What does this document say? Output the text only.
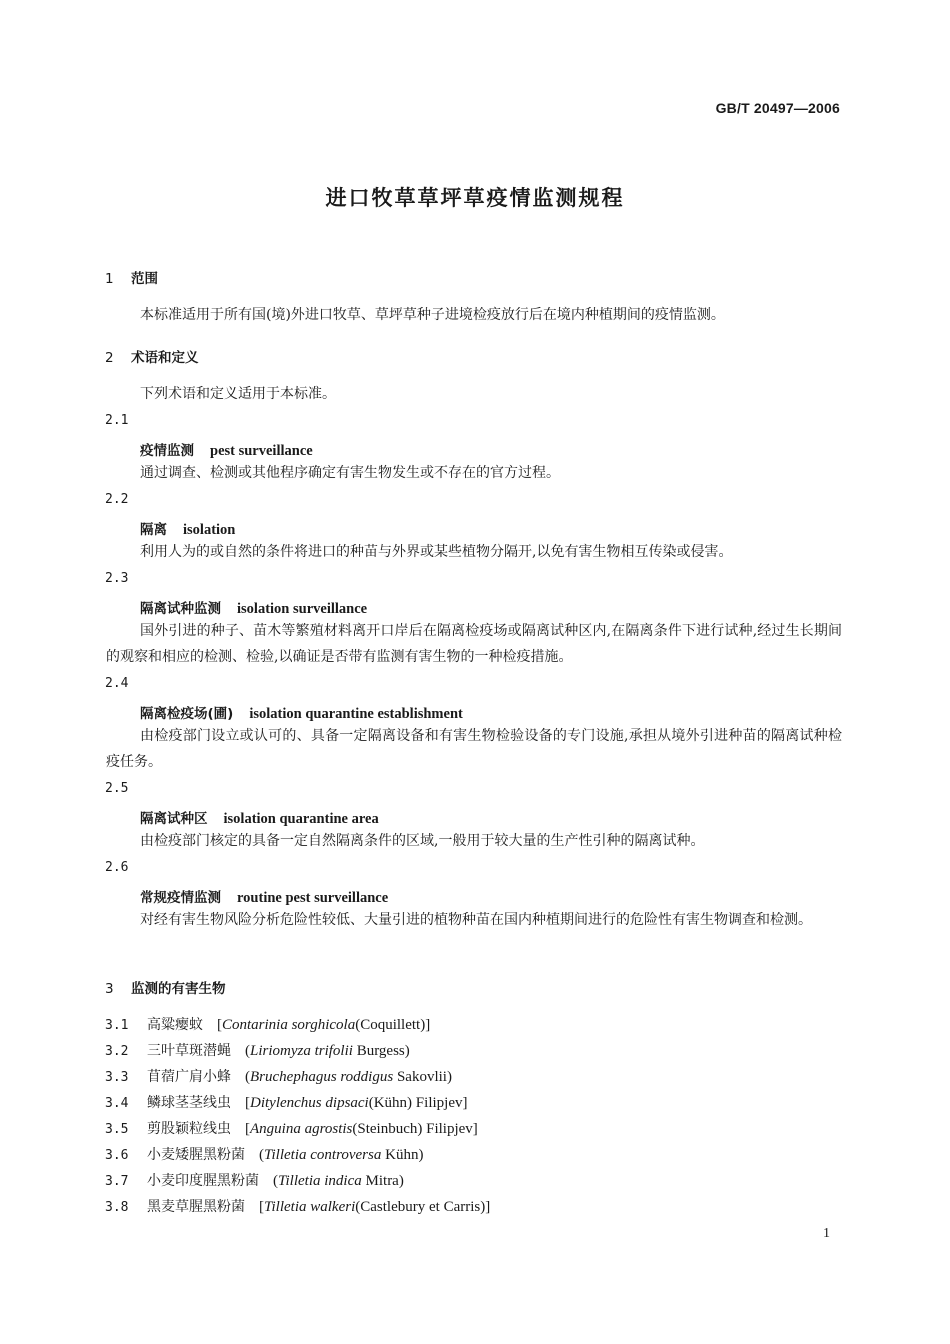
GB/T 20497—2006
进口牧草草坪草疫情监测规程
1 范围
本标准适用于所有国(境)外进口牧草、草坪草种子进境检疫放行后在境内种植期间的疫情监测。
2 术语和定义
下列术语和定义适用于本标准。
2.1
疫情监测 pest surveillance
通过调查、检测或其他程序确定有害生物发生或不存在的官方过程。
2.2
隔离 isolation
利用人为的或自然的条件将进口的种苗与外界或某些植物分隔开,以免有害生物相互传染或侵害。
2.3
隔离试种监测 isolation surveillance
国外引进的种子、苗木等繁殖材料离开口岸后在隔离检疫场或隔离试种区内,在隔离条件下进行试种,经过生长期间的观察和相应的检测、检验,以确证是否带有监测有害生物的一种检疫措施。
2.4
隔离检疫场(圃) isolation quarantine establishment
由检疫部门设立或认可的、具备一定隔离设备和有害生物检验设备的专门设施,承担从境外引进种苗的隔离试种检疫任务。
2.5
隔离试种区 isolation quarantine area
由检疫部门核定的具备一定自然隔离条件的区域,一般用于较大量的生产性引种的隔离试种。
2.6
常规疫情监测 routine pest surveillance
对经有害生物风险分析危险性较低、大量引进的植物种苗在国内种植期间进行的危险性有害生物调查和检测。
3 监测的有害生物
3.1 高粱瘿蚊 [Contarinia sorghicola(Coquillett)]
3.2 三叶草斑潜蝇 (Liriomyza trifolii Burgess)
3.3 苜蓿广肩小蜂 (Bruchephagus roddigus Sakovlii)
3.4 鳞球茎茎线虫 [Ditylenchus dipsaci(Kühn) Filipjev]
3.5 剪股颖粒线虫 [Anguina agrostis(Steinbuch) Filipjev]
3.6 小麦矮腥黑粉菌 (Tilletia controversa Kühn)
3.7 小麦印度腥黑粉菌 (Tilletia indica Mitra)
3.8 黑麦草腥黑粉菌 [Tilletia walkeri(Castlebury et Carris)]
1
